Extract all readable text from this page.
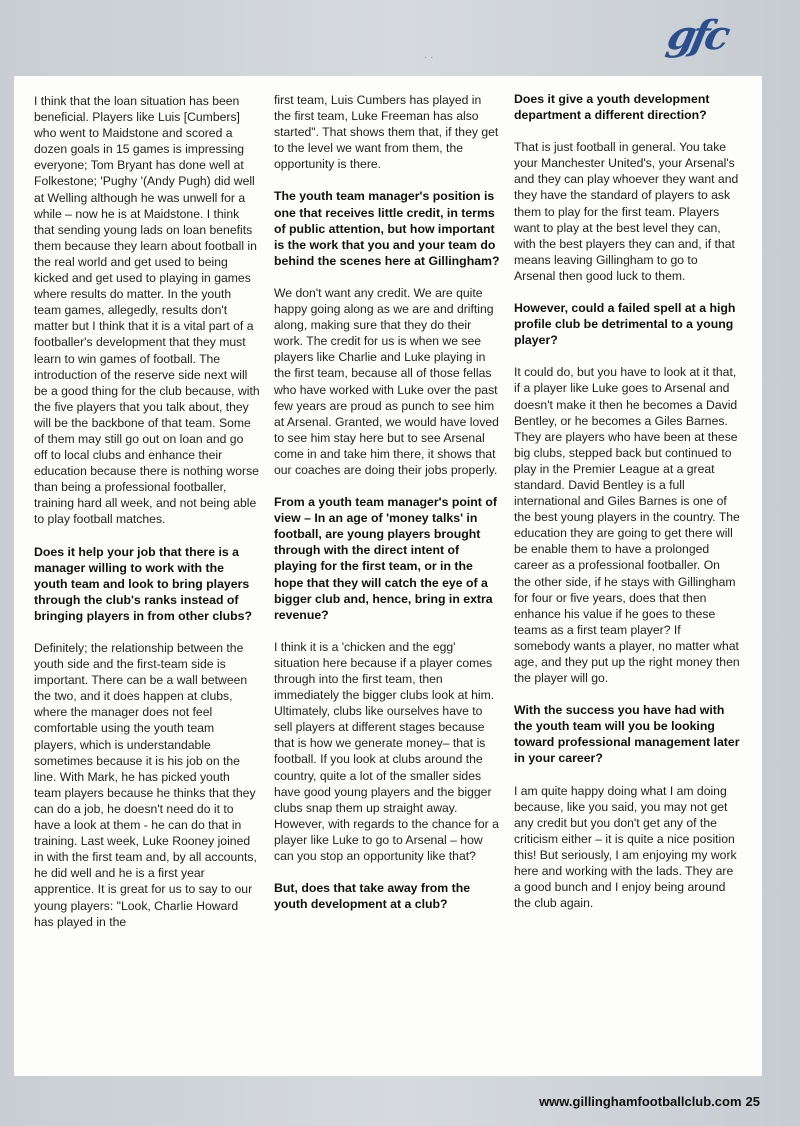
gfc
· ·

I think that the loan situation has been beneficial. Players like Luis [Cumbers] who went to Maidstone and scored a dozen goals in 15 games is impressing everyone; Tom Bryant has done well at Folkestone; 'Pughy '(Andy Pugh) did well at Welling although he was unwell for a while – now he is at Maidstone. I think that sending young lads on loan benefits them because they learn about football in the real world and get used to being kicked and get used to playing in games where results do matter. In the youth team games, allegedly, results don't matter but I think that it is a vital part of a footballer's development that they must learn to win games of football. The introduction of the reserve side next will be a good thing for the club because, with the five players that you talk about, they will be the backbone of that team. Some of them may still go out on loan and go off to local clubs and enhance their education because there is nothing worse than being a professional footballer, training hard all week, and not being able to play football matches.

Does it help your job that there is a manager willing to work with the youth team and look to bring players through the club's ranks instead of bringing players in from other clubs?

Definitely; the relationship between the youth side and the first-team side is important. There can be a wall between the two, and it does happen at clubs, where the manager does not feel comfortable using the youth team players, which is understandable sometimes because it is his job on the line. With Mark, he has picked youth team players because he thinks that they can do a job, he doesn't need do it to have a look at them - he can do that in training. Last week, Luke Rooney joined in with the first team and, by all accounts, he did well and he is a first year apprentice. It is great for us to say to our young players: "Look, Charlie Howard has played in the

first team, Luis Cumbers has played in the first team, Luke Freeman has also started". That shows them that, if they get to the level we want from them, the opportunity is there.

The youth team manager's position is one that receives little credit, in terms of public attention, but how important is the work that you and your team do behind the scenes here at Gillingham?

We don't want any credit. We are quite happy going along as we are and drifting along, making sure that they do their work. The credit for us is when we see players like Charlie and Luke playing in the first team, because all of those fellas who have worked with Luke over the past few years are proud as punch to see him at Arsenal. Granted, we would have loved to see him stay here but to see Arsenal come in and take him there, it shows that our coaches are doing their jobs properly.

From a youth team manager's point of view – In an age of 'money talks' in football, are young players brought through with the direct intent of playing for the first team, or in the hope that they will catch the eye of a bigger club and, hence, bring in extra revenue?

I think it is a 'chicken and the egg' situation here because if a player comes through into the first team, then immediately the bigger clubs look at him. Ultimately, clubs like ourselves have to sell players at different stages because that is how we generate money– that is football. If you look at clubs around the country, quite a lot of the smaller sides have good young players and the bigger clubs snap them up straight away. However, with regards to the chance for a player like Luke to go to Arsenal – how can you stop an opportunity like that?

But, does that take away from the youth development at a club?
Does it give a youth development department a different direction?

That is just football in general. You take your Manchester United's, your Arsenal's and they can play whoever they want and they have the standard of players to ask them to play for the first team. Players want to play at the best level they can, with the best players they can and, if that means leaving Gillingham to go to Arsenal then good luck to them.

However, could a failed spell at a high profile club be detrimental to a young player?

It could do, but you have to look at it that, if a player like Luke goes to Arsenal and doesn't make it then he becomes a David Bentley, or he becomes a Giles Barnes. They are players who have been at these big clubs, stepped back but continued to play in the Premier League at a great standard. David Bentley is a full international and Giles Barnes is one of the best young players in the country. The education they are going to get there will be enable them to have a prolonged career as a professional footballer. On the other side, if he stays with Gillingham for four or five years, does that then enhance his value if he goes to these teams as a first team player? If somebody wants a player, no matter what age, and they put up the right money then the player will go.

With the success you have had with the youth team will you be looking toward professional management later in your career?

I am quite happy doing what I am doing because, like you said, you may not get any credit but you don't get any of the criticism either – it is quite a nice position this! But seriously, I am enjoying my work here and working with the lads. They are a good bunch and I enjoy being around the club again.

www.gillinghamfootballclub.com 25
